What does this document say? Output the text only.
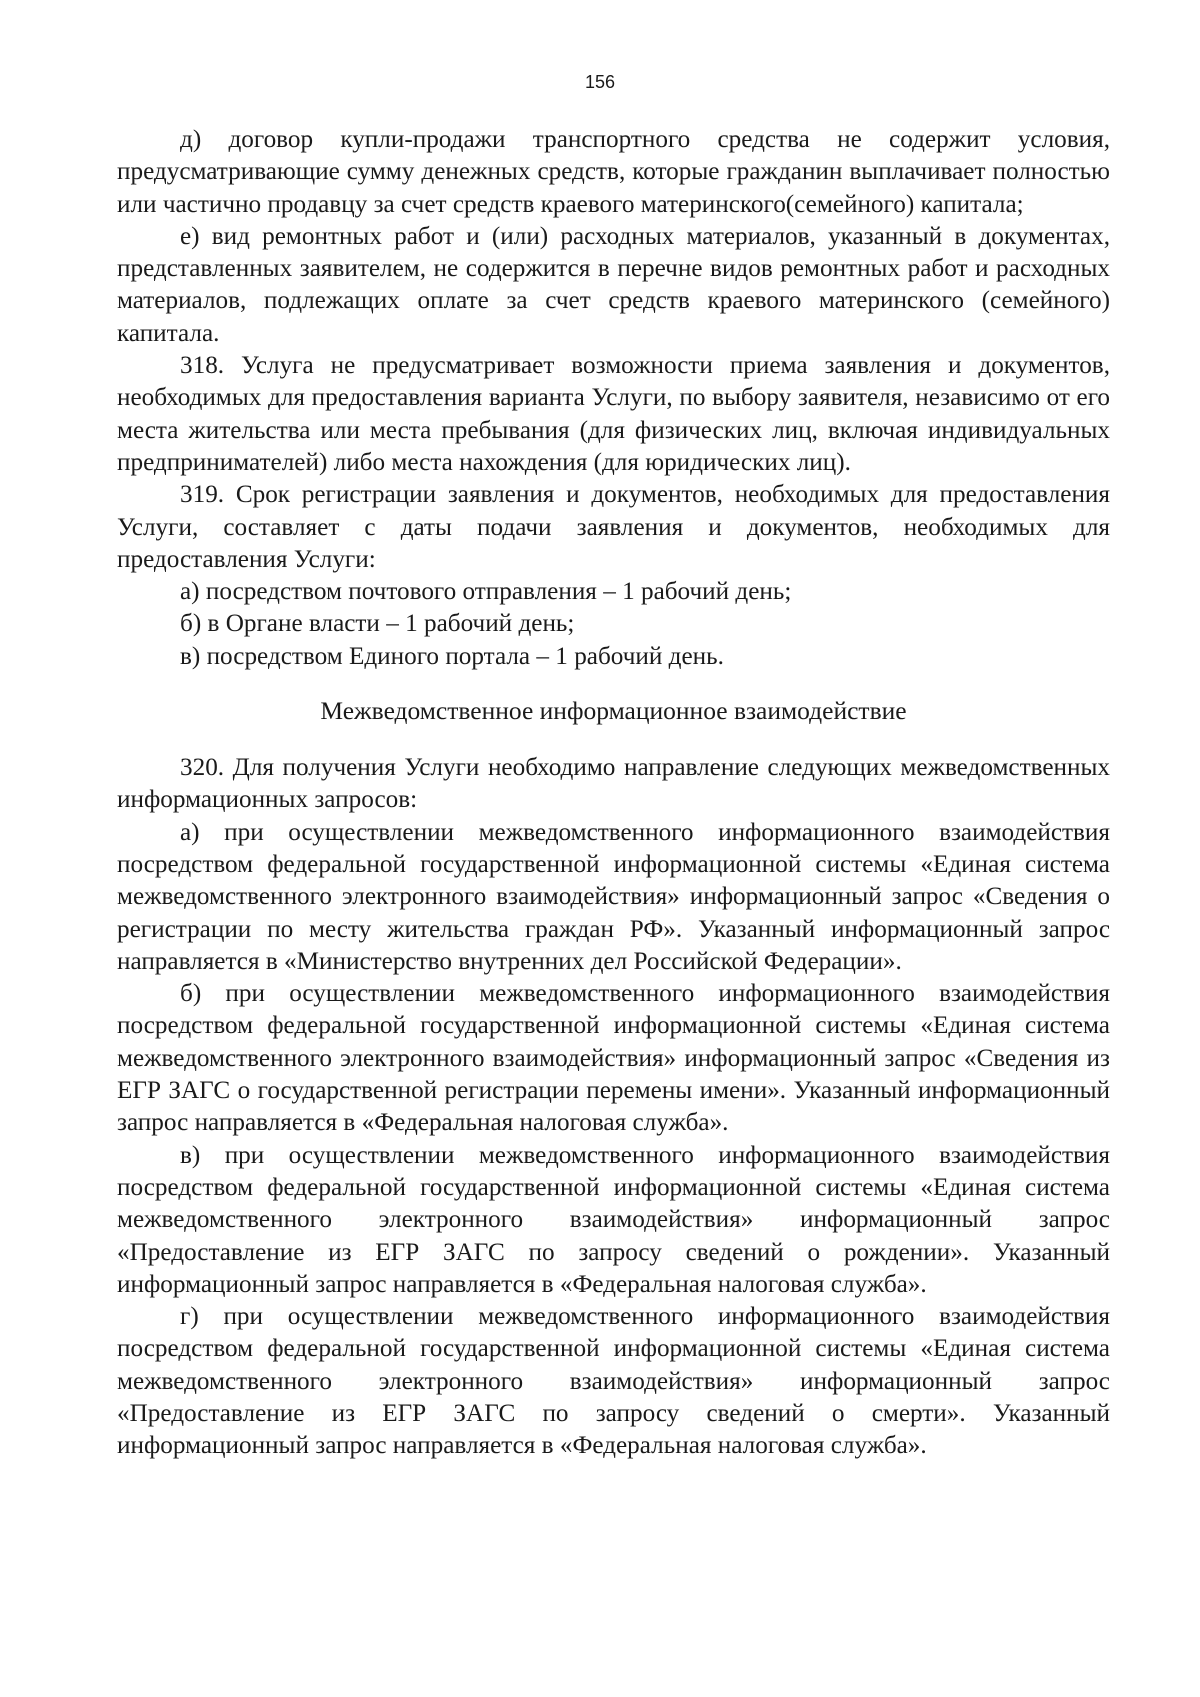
156

д) договор купли-продажи транспортного средства не содержит условия, предусматривающие сумму денежных средств, которые гражданин выплачивает полностью или частично продавцу за счет средств краевого материнского(семейного) капитала;

е) вид ремонтных работ и (или) расходных материалов, указанный в документах, представленных заявителем, не содержится в перечне видов ремонтных работ и расходных материалов, подлежащих оплате за счет средств краевого материнского (семейного) капитала.

318. Услуга не предусматривает возможности приема заявления и документов, необходимых для предоставления варианта Услуги, по выбору заявителя, независимо от его места жительства или места пребывания (для физических лиц, включая индивидуальных предпринимателей) либо места нахождения (для юридических лиц).

319. Срок регистрации заявления и документов, необходимых для предоставления Услуги, составляет с даты подачи заявления и документов, необходимых для предоставления Услуги:

а) посредством почтового отправления – 1 рабочий день;

б) в Органе власти – 1 рабочий день;

в) посредством Единого портала – 1 рабочий день.

Межведомственное информационное взаимодействие

320. Для получения Услуги необходимо направление следующих межведомственных информационных запросов:

а) при осуществлении межведомственного информационного взаимодействия посредством федеральной государственной информационной системы «Единая система межведомственного электронного взаимодействия» информационный запрос «Сведения о регистрации по месту жительства граждан РФ». Указанный информационный запрос направляется в «Министерство внутренних дел Российской Федерации».

б) при осуществлении межведомственного информационного взаимодействия посредством федеральной государственной информационной системы «Единая система межведомственного электронного взаимодействия» информационный запрос «Сведения из ЕГР ЗАГС о государственной регистрации перемены имени». Указанный информационный запрос направляется в «Федеральная налоговая служба».

в) при осуществлении межведомственного информационного взаимодействия посредством федеральной государственной информационной системы «Единая система межведомственного электронного взаимодействия» информационный запрос «Предоставление из ЕГР ЗАГС по запросу сведений о рождении». Указанный информационный запрос направляется в «Федеральная налоговая служба».

г) при осуществлении межведомственного информационного взаимодействия посредством федеральной государственной информационной системы «Единая система межведомственного электронного взаимодействия» информационный запрос «Предоставление из ЕГР ЗАГС по запросу сведений о смерти». Указанный информационный запрос направляется в «Федеральная налоговая служба».
